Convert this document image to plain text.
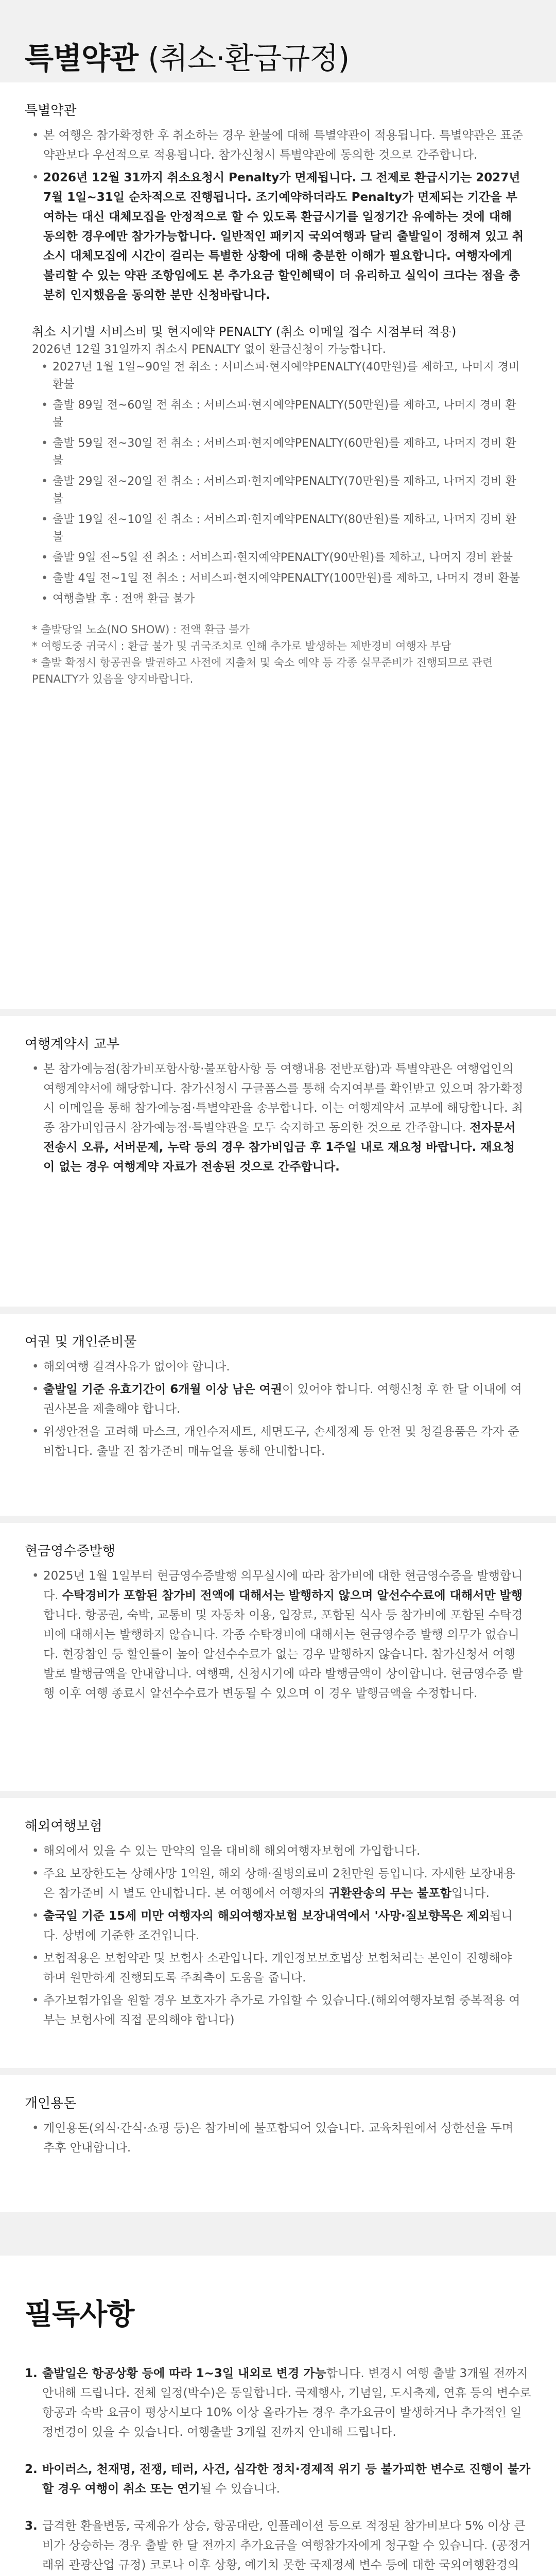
특별약관 (취소·환급규정)
특별약관
• 본 여행은 참가확정한 후 취소하는 경우 환불에 대해 특별약관이 적용됩니다. 특별약관은 표준약관보다 우선적으로 적용됩니다. 참가신청시 특별약관에 동의한 것으로 간주합니다.
• 2026년 12월 31까지 취소요청시 Penalty가 면제됩니다. 그 전제로 환급시기는 2027년 7월 1일~31일 순차적으로 진행됩니다. 조기예약하더라도 Penalty가 면제되는 기간을 부여하는 대신 대체모집을 안정적으로 할 수 있도록 환급시기를 일정기간 유예하는 것에 대해 동의한 경우에만 참가가능합니다. 일반적인 패키지 국외여행과 달리 출발일이 정해져 있고 취소시 대체모집에 시간이 걸리는 특별한 상황에 대해 충분한 이해가 필요합니다. 여행자에게 불리할 수 있는 약관 조항임에도 본 추가요금 할인혜택이 더 유리하고 실익이 크다는 점을 충분히 인지했음을 동의한 분만 신청바랍니다.
취소 시기별 서비스비 및 현지예약 PENALTY (취소 이메일 접수 시점부터 적용)
2026년 12월 31일까지 취소시 PENALTY 없이 환급신청이 가능합니다.
• 2027년 1월 1일~90일 전 취소 : 서비스피·현지예약PENALTY(40만원)를 제하고, 나머지 경비 환불
• 출발 89일 전~60일 전 취소 : 서비스피·현지예약PENALTY(50만원)를 제하고, 나머지 경비 환불
• 출발 59일 전~30일 전 취소 : 서비스피·현지예약PENALTY(60만원)를 제하고, 나머지 경비 환불
• 출발 29일 전~20일 전 취소 : 서비스피·현지예약PENALTY(70만원)를 제하고, 나머지 경비 환불
• 출발 19일 전~10일 전 취소 : 서비스피·현지예약PENALTY(80만원)를 제하고, 나머지 경비 환불
• 출발 9일 전~5일 전 취소 : 서비스피·현지예약PENALTY(90만원)를 제하고, 나머지 경비 환불
• 출발 4일 전~1일 전 취소 : 서비스피·현지예약PENALTY(100만원)를 제하고, 나머지 경비 환불
• 여행출발 후 : 전액 환급 불가
* 출발당일 노쇼(NO SHOW) : 전액 환급 불가
* 여행도중 귀국시 : 환급 불가 및 귀국조치로 인해 추가로 발생하는 제반경비 여행자 부담
* 출발 확정시 항공권을 발권하고 사전에 지출처 및 숙소 예약 등 각종 실무준비가 진행되므로 관련 PENALTY가 있음을 양지바랍니다.
여행계약서 교부
• 본 참가예능점(참가비포함사항·불포함사항 등 여행내용 전반포함)과 특별약관은 여행업인의 여행계약서에 해당합니다. 참가신청시 구글폼스를 통해 숙지여부를 확인받고 있으며 참가확정시 이메일을 통해 참가예능점·특별약관을 송부합니다. 이는 여행계약서 교부에 해당합니다. 최종 참가비입금시 참가예능점·특별약관을 모두 숙지하고 동의한 것으로 간주합니다. 전자문서 전송시 오류, 서버문제, 누락 등의 경우 참가비입금 후 1주일 내로 재요청 바랍니다. 재요청이 없는 경우 여행계약 자료가 전송된 것으로 간주합니다.
여권 및 개인준비물
• 해외여행 결격사유가 없어야 합니다.
• 출발일 기준 유효기간이 6개월 이상 남은 여권이 있어야 합니다. 여행신청 후 한 달 이내에 여권사본을 제출해야 합니다.
• 위생안전을 고려해 마스크, 개인수저세트, 세면도구, 손세정제 등 안전 및 청결용품은 각자 준비합니다. 출발 전 참가준비 매뉴얼을 통해 안내합니다.
현금영수증발행
• 2025년 1월 1일부터 현금영수증발행 의무실시에 따라 참가비에 대한 현금영수증을 발행합니다. 수탁경비가 포함된 참가비 전액에 대해서는 발행하지 않으며 알선수수료에 대해서만 발행합니다. 항공권, 숙박, 교통비 및 자동차 이용, 입장료, 포함된 식사 등 참가비에 포함된 수탁경비에 대해서는 발행하지 않습니다. 각종 수탁경비에 대해서는 현금영수증 발행 의무가 없습니다. 현장참인 등 할인률이 높아 알선수수료가 없는 경우 발행하지 않습니다. 참가신청서 여행발로 발행금액을 안내합니다. 여행팩, 신청시기에 따라 발행금액이 상이합니다. 현금영수증 발행 이후 여행 종료시 알선수수료가 변동될 수 있으며 이 경우 발행금액을 수정합니다.
해외여행보험
• 해외에서 있을 수 있는 만약의 일을 대비해 해외여행자보험에 가입합니다.
• 주요 보장한도는 상해사망 1억원, 해외 상해·질병의료비 2천만원 등입니다. 자세한 보장내용은 참가준비 시 별도 안내합니다. 본 여행에서 여행자의 귀환완송의 무는 불포함입니다.
• 출국일 기준 15세 미만 여행자의 해외여행자보험 보장내역에서 '사망·질보향목은 제외됩니다. 상법에 기준한 조건입니다.
• 보험적용은 보험약관 및 보험사 소관입니다. 개인정보보호법상 보험처리는 본인이 진행해야 하며 원만하게 진행되도록 주최측이 도움을 줍니다.
• 추가보험가입을 원할 경우 보호자가 추가로 가입할 수 있습니다.(해외여행자보험 중복적용 여부는 보험사에 직접 문의해야 합니다)
개인용돈
• 개인용돈(외식·간식·쇼핑 등)은 참가비에 불포함되어 있습니다. 교육차원에서 상한선을 두며 추후 안내합니다.
필독사항
1. 출발일은 항공상황 등에 따라 1~3일 내외로 변경 가능합니다. 변경시 여행 출발 3개월 전까지 안내해 드립니다. 전체 일정(박수)은 동일합니다. 국제행사, 기념일, 도시축제, 연휴 등의 변수로 항공과 숙박 요금이 평상시보다 10% 이상 올라가는 경우 추가요금이 발생하거나 추가적인 일정변경이 있을 수 있습니다. 여행출발 3개월 전까지 안내해 드립니다.
2. 바이러스, 천재명, 전쟁, 테러, 사건, 심각한 정치·경제적 위기 등 불가피한 변수로 진행이 불가할 경우 여행이 취소 또는 연기될 수 있습니다.
3. 급격한 환율변동, 국제유가 상승, 항공대란, 인플레이션 등으로 적정된 참가비보다 5% 이상 큰비가 상승하는 경우 출발 한 달 전까지 추가요금을 여행참가자에게 청구할 수 있습니다. (공정거래위 관광산업 규정) 코로나 이후 상황, 예기치 못한 국제정세 변수 등에 대한 국외여행환경의
